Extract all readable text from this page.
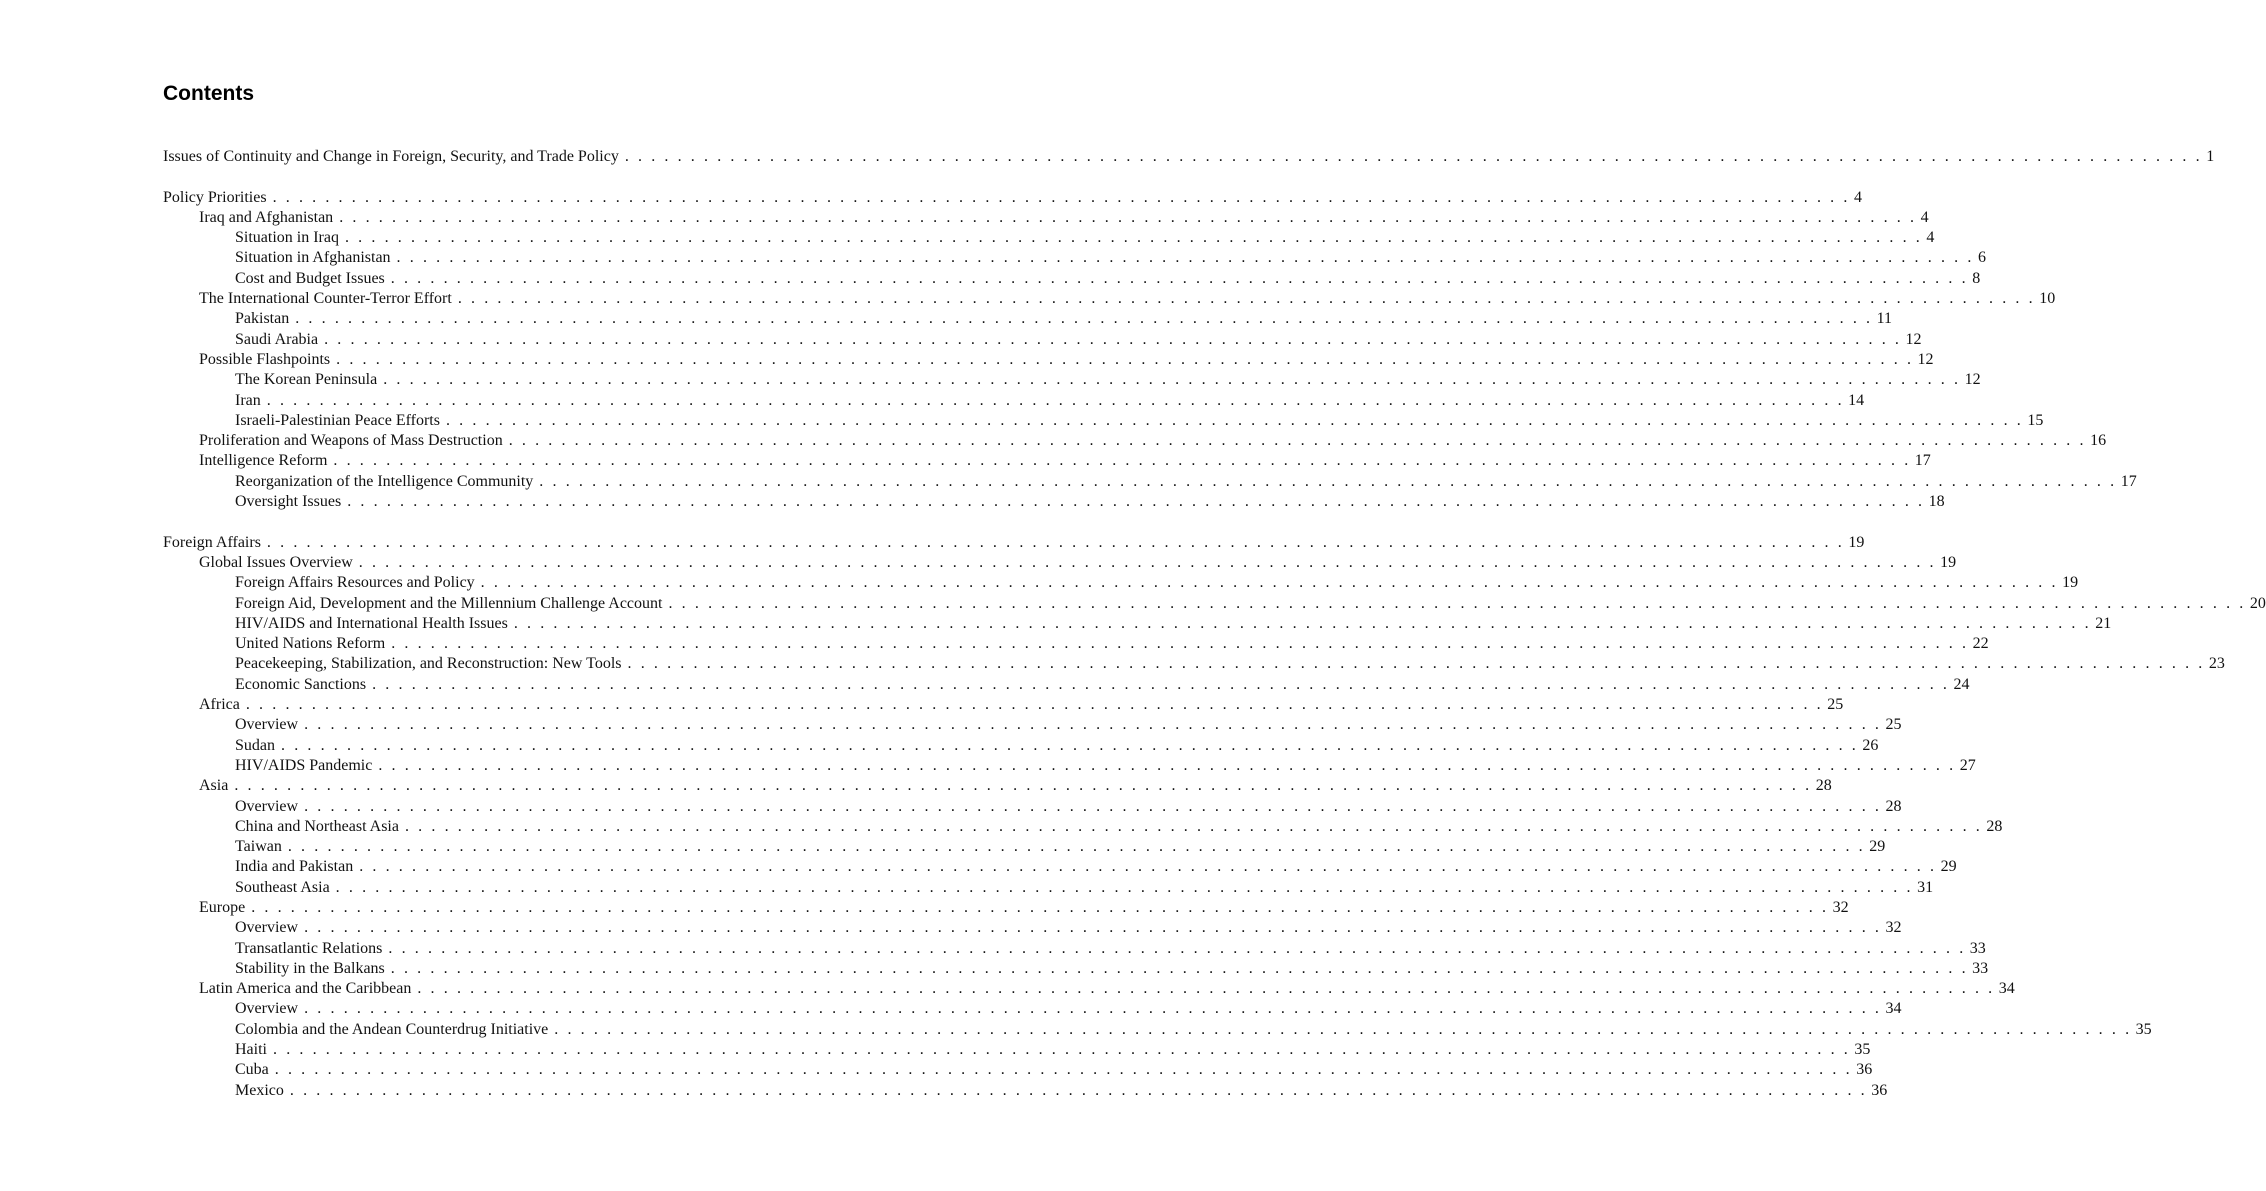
Contents
Issues of Continuity and Change in Foreign, Security, and Trade Policy . . . . . . . . . . . . . . . . . . . . . . . . . . . . . . . . . . . . . . . . . . . . . . . . . . . . . . . . . . . . . . . . . . . . . . . . . . . . . . . . . . . . . . . . . . . . . . . . . . . . . . . . . . . . . . . . . . . . . . . . 1
Policy Priorities . . . . . . . . . . . . . . . . . . . . . . . . . . . . . . . . . . . . . . . . . . . . . . . . . . . . . . . . . . . . . . . . . . . . . . . . . . . . . . . . . . . . . . . . . . . . . . . . . . . . . . . . . . . . . . . . . . . . . . . . 4
Iraq and Afghanistan . . . . . . . . . . . . . . . . . . . . . . . . . . . . . . . . . . . . . . . . . . . . . . . . . . . . . . . . . . . . . . . . . . . . . . . . . . . . . . . . . . . . . . . . . . . . . . . . . . . . . . . . . . . . . . . . . . . . . . . . 4
Situation in Iraq . . . . . . . . . . . . . . . . . . . . . . . . . . . . . . . . . . . . . . . . . . . . . . . . . . . . . . . . . . . . . . . . . . . . . . . . . . . . . . . . . . . . . . . . . . . . . . . . . . . . . . . . . . . . . . . . . . . . . . . . 4
Situation in Afghanistan . . . . . . . . . . . . . . . . . . . . . . . . . . . . . . . . . . . . . . . . . . . . . . . . . . . . . . . . . . . . . . . . . . . . . . . . . . . . . . . . . . . . . . . . . . . . . . . . . . . . . . . . . . . . . . . . . . . . . . . . 6
Cost and Budget Issues . . . . . . . . . . . . . . . . . . . . . . . . . . . . . . . . . . . . . . . . . . . . . . . . . . . . . . . . . . . . . . . . . . . . . . . . . . . . . . . . . . . . . . . . . . . . . . . . . . . . . . . . . . . . . . . . . . . . . . . . 8
The International Counter-Terror Effort . . . . . . . . . . . . . . . . . . . . . . . . . . . . . . . . . . . . . . . . . . . . . . . . . . . . . . . . . . . . . . . . . . . . . . . . . . . . . . . . . . . . . . . . . . . . . . . . . . . . . . . . . . . . . . . . . . . . . . . . 10
Pakistan . . . . . . . . . . . . . . . . . . . . . . . . . . . . . . . . . . . . . . . . . . . . . . . . . . . . . . . . . . . . . . . . . . . . . . . . . . . . . . . . . . . . . . . . . . . . . . . . . . . . . . . . . . . . . . . . . . . . . . . . 11
Saudi Arabia . . . . . . . . . . . . . . . . . . . . . . . . . . . . . . . . . . . . . . . . . . . . . . . . . . . . . . . . . . . . . . . . . . . . . . . . . . . . . . . . . . . . . . . . . . . . . . . . . . . . . . . . . . . . . . . . . . . . . . . . 12
Possible Flashpoints . . . . . . . . . . . . . . . . . . . . . . . . . . . . . . . . . . . . . . . . . . . . . . . . . . . . . . . . . . . . . . . . . . . . . . . . . . . . . . . . . . . . . . . . . . . . . . . . . . . . . . . . . . . . . . . . . . . . . . . . 12
The Korean Peninsula . . . . . . . . . . . . . . . . . . . . . . . . . . . . . . . . . . . . . . . . . . . . . . . . . . . . . . . . . . . . . . . . . . . . . . . . . . . . . . . . . . . . . . . . . . . . . . . . . . . . . . . . . . . . . . . . . . . . . . . . 12
Iran . . . . . . . . . . . . . . . . . . . . . . . . . . . . . . . . . . . . . . . . . . . . . . . . . . . . . . . . . . . . . . . . . . . . . . . . . . . . . . . . . . . . . . . . . . . . . . . . . . . . . . . . . . . . . . . . . . . . . . . . 14
Israeli-Palestinian Peace Efforts . . . . . . . . . . . . . . . . . . . . . . . . . . . . . . . . . . . . . . . . . . . . . . . . . . . . . . . . . . . . . . . . . . . . . . . . . . . . . . . . . . . . . . . . . . . . . . . . . . . . . . . . . . . . . . . . . . . . . . . . 15
Proliferation and Weapons of Mass Destruction . . . . . . . . . . . . . . . . . . . . . . . . . . . . . . . . . . . . . . . . . . . . . . . . . . . . . . . . . . . . . . . . . . . . . . . . . . . . . . . . . . . . . . . . . . . . . . . . . . . . . . . . . . . . . . . . . . . . . . . . 16
Intelligence Reform . . . . . . . . . . . . . . . . . . . . . . . . . . . . . . . . . . . . . . . . . . . . . . . . . . . . . . . . . . . . . . . . . . . . . . . . . . . . . . . . . . . . . . . . . . . . . . . . . . . . . . . . . . . . . . . . . . . . . . . . 17
Reorganization of the Intelligence Community . . . . . . . . . . . . . . . . . . . . . . . . . . . . . . . . . . . . . . . . . . . . . . . . . . . . . . . . . . . . . . . . . . . . . . . . . . . . . . . . . . . . . . . . . . . . . . . . . . . . . . . . . . . . . . . . . . . . . . . . 17
Oversight Issues . . . . . . . . . . . . . . . . . . . . . . . . . . . . . . . . . . . . . . . . . . . . . . . . . . . . . . . . . . . . . . . . . . . . . . . . . . . . . . . . . . . . . . . . . . . . . . . . . . . . . . . . . . . . . . . . . . . . . . . . 18
Foreign Affairs . . . . . . . . . . . . . . . . . . . . . . . . . . . . . . . . . . . . . . . . . . . . . . . . . . . . . . . . . . . . . . . . . . . . . . . . . . . . . . . . . . . . . . . . . . . . . . . . . . . . . . . . . . . . . . . . . . . . . . . . 19
Global Issues Overview . . . . . . . . . . . . . . . . . . . . . . . . . . . . . . . . . . . . . . . . . . . . . . . . . . . . . . . . . . . . . . . . . . . . . . . . . . . . . . . . . . . . . . . . . . . . . . . . . . . . . . . . . . . . . . . . . . . . . . . . 19
Foreign Affairs Resources and Policy . . . . . . . . . . . . . . . . . . . . . . . . . . . . . . . . . . . . . . . . . . . . . . . . . . . . . . . . . . . . . . . . . . . . . . . . . . . . . . . . . . . . . . . . . . . . . . . . . . . . . . . . . . . . . . . . . . . . . . . . 19
Foreign Aid, Development and the Millennium Challenge Account . . . . . . . . . . . . . . . . . . . . . . . . . . . . . . . . . . . . . . . . . . . . . . . . . . . . . . . . . . . . . . . . . . . . . . . . . . . . . . . . . . . . . . . . . . . . . . . . . . . . . . . . . . . . . . . . . . . . . . . . 20
HIV/AIDS and International Health Issues . . . . . . . . . . . . . . . . . . . . . . . . . . . . . . . . . . . . . . . . . . . . . . . . . . . . . . . . . . . . . . . . . . . . . . . . . . . . . . . . . . . . . . . . . . . . . . . . . . . . . . . . . . . . . . . . . . . . . . . . 21
United Nations Reform . . . . . . . . . . . . . . . . . . . . . . . . . . . . . . . . . . . . . . . . . . . . . . . . . . . . . . . . . . . . . . . . . . . . . . . . . . . . . . . . . . . . . . . . . . . . . . . . . . . . . . . . . . . . . . . . . . . . . . . . 22
Peacekeeping, Stabilization, and Reconstruction: New Tools . . . . . . . . . . . . . . . . . . . . . . . . . . . . . . . . . . . . . . . . . . . . . . . . . . . . . . . . . . . . . . . . . . . . . . . . . . . . . . . . . . . . . . . . . . . . . . . . . . . . . . . . . . . . . . . . . . . . . . . . 23
Economic Sanctions . . . . . . . . . . . . . . . . . . . . . . . . . . . . . . . . . . . . . . . . . . . . . . . . . . . . . . . . . . . . . . . . . . . . . . . . . . . . . . . . . . . . . . . . . . . . . . . . . . . . . . . . . . . . . . . . . . . . . . . . 24
Africa . . . . . . . . . . . . . . . . . . . . . . . . . . . . . . . . . . . . . . . . . . . . . . . . . . . . . . . . . . . . . . . . . . . . . . . . . . . . . . . . . . . . . . . . . . . . . . . . . . . . . . . . . . . . . . . . . . . . . . . . 25
Overview . . . . . . . . . . . . . . . . . . . . . . . . . . . . . . . . . . . . . . . . . . . . . . . . . . . . . . . . . . . . . . . . . . . . . . . . . . . . . . . . . . . . . . . . . . . . . . . . . . . . . . . . . . . . . . . . . . . . . . . . 25
Sudan . . . . . . . . . . . . . . . . . . . . . . . . . . . . . . . . . . . . . . . . . . . . . . . . . . . . . . . . . . . . . . . . . . . . . . . . . . . . . . . . . . . . . . . . . . . . . . . . . . . . . . . . . . . . . . . . . . . . . . . . 26
HIV/AIDS Pandemic . . . . . . . . . . . . . . . . . . . . . . . . . . . . . . . . . . . . . . . . . . . . . . . . . . . . . . . . . . . . . . . . . . . . . . . . . . . . . . . . . . . . . . . . . . . . . . . . . . . . . . . . . . . . . . . . . . . . . . . . 27
Asia . . . . . . . . . . . . . . . . . . . . . . . . . . . . . . . . . . . . . . . . . . . . . . . . . . . . . . . . . . . . . . . . . . . . . . . . . . . . . . . . . . . . . . . . . . . . . . . . . . . . . . . . . . . . . . . . . . . . . . . . 28
Overview . . . . . . . . . . . . . . . . . . . . . . . . . . . . . . . . . . . . . . . . . . . . . . . . . . . . . . . . . . . . . . . . . . . . . . . . . . . . . . . . . . . . . . . . . . . . . . . . . . . . . . . . . . . . . . . . . . . . . . . . 28
China and Northeast Asia . . . . . . . . . . . . . . . . . . . . . . . . . . . . . . . . . . . . . . . . . . . . . . . . . . . . . . . . . . . . . . . . . . . . . . . . . . . . . . . . . . . . . . . . . . . . . . . . . . . . . . . . . . . . . . . . . . . . . . . . 28
Taiwan . . . . . . . . . . . . . . . . . . . . . . . . . . . . . . . . . . . . . . . . . . . . . . . . . . . . . . . . . . . . . . . . . . . . . . . . . . . . . . . . . . . . . . . . . . . . . . . . . . . . . . . . . . . . . . . . . . . . . . . . 29
India and Pakistan . . . . . . . . . . . . . . . . . . . . . . . . . . . . . . . . . . . . . . . . . . . . . . . . . . . . . . . . . . . . . . . . . . . . . . . . . . . . . . . . . . . . . . . . . . . . . . . . . . . . . . . . . . . . . . . . . . . . . . . . 29
Southeast Asia . . . . . . . . . . . . . . . . . . . . . . . . . . . . . . . . . . . . . . . . . . . . . . . . . . . . . . . . . . . . . . . . . . . . . . . . . . . . . . . . . . . . . . . . . . . . . . . . . . . . . . . . . . . . . . . . . . . . . . . . 31
Europe . . . . . . . . . . . . . . . . . . . . . . . . . . . . . . . . . . . . . . . . . . . . . . . . . . . . . . . . . . . . . . . . . . . . . . . . . . . . . . . . . . . . . . . . . . . . . . . . . . . . . . . . . . . . . . . . . . . . . . . . 32
Overview . . . . . . . . . . . . . . . . . . . . . . . . . . . . . . . . . . . . . . . . . . . . . . . . . . . . . . . . . . . . . . . . . . . . . . . . . . . . . . . . . . . . . . . . . . . . . . . . . . . . . . . . . . . . . . . . . . . . . . . . 32
Transatlantic Relations . . . . . . . . . . . . . . . . . . . . . . . . . . . . . . . . . . . . . . . . . . . . . . . . . . . . . . . . . . . . . . . . . . . . . . . . . . . . . . . . . . . . . . . . . . . . . . . . . . . . . . . . . . . . . . . . . . . . . . . . 33
Stability in the Balkans . . . . . . . . . . . . . . . . . . . . . . . . . . . . . . . . . . . . . . . . . . . . . . . . . . . . . . . . . . . . . . . . . . . . . . . . . . . . . . . . . . . . . . . . . . . . . . . . . . . . . . . . . . . . . . . . . . . . . . . . 33
Latin America and the Caribbean . . . . . . . . . . . . . . . . . . . . . . . . . . . . . . . . . . . . . . . . . . . . . . . . . . . . . . . . . . . . . . . . . . . . . . . . . . . . . . . . . . . . . . . . . . . . . . . . . . . . . . . . . . . . . . . . . . . . . . . . 34
Overview . . . . . . . . . . . . . . . . . . . . . . . . . . . . . . . . . . . . . . . . . . . . . . . . . . . . . . . . . . . . . . . . . . . . . . . . . . . . . . . . . . . . . . . . . . . . . . . . . . . . . . . . . . . . . . . . . . . . . . . . 34
Colombia and the Andean Counterdrug Initiative . . . . . . . . . . . . . . . . . . . . . . . . . . . . . . . . . . . . . . . . . . . . . . . . . . . . . . . . . . . . . . . . . . . . . . . . . . . . . . . . . . . . . . . . . . . . . . . . . . . . . . . . . . . . . . . . . . . . . . . . 35
Haiti . . . . . . . . . . . . . . . . . . . . . . . . . . . . . . . . . . . . . . . . . . . . . . . . . . . . . . . . . . . . . . . . . . . . . . . . . . . . . . . . . . . . . . . . . . . . . . . . . . . . . . . . . . . . . . . . . . . . . . . . 35
Cuba . . . . . . . . . . . . . . . . . . . . . . . . . . . . . . . . . . . . . . . . . . . . . . . . . . . . . . . . . . . . . . . . . . . . . . . . . . . . . . . . . . . . . . . . . . . . . . . . . . . . . . . . . . . . . . . . . . . . . . . . 36
Mexico . . . . . . . . . . . . . . . . . . . . . . . . . . . . . . . . . . . . . . . . . . . . . . . . . . . . . . . . . . . . . . . . . . . . . . . . . . . . . . . . . . . . . . . . . . . . . . . . . . . . . . . . . . . . . . . . . . . . . . . . 36
